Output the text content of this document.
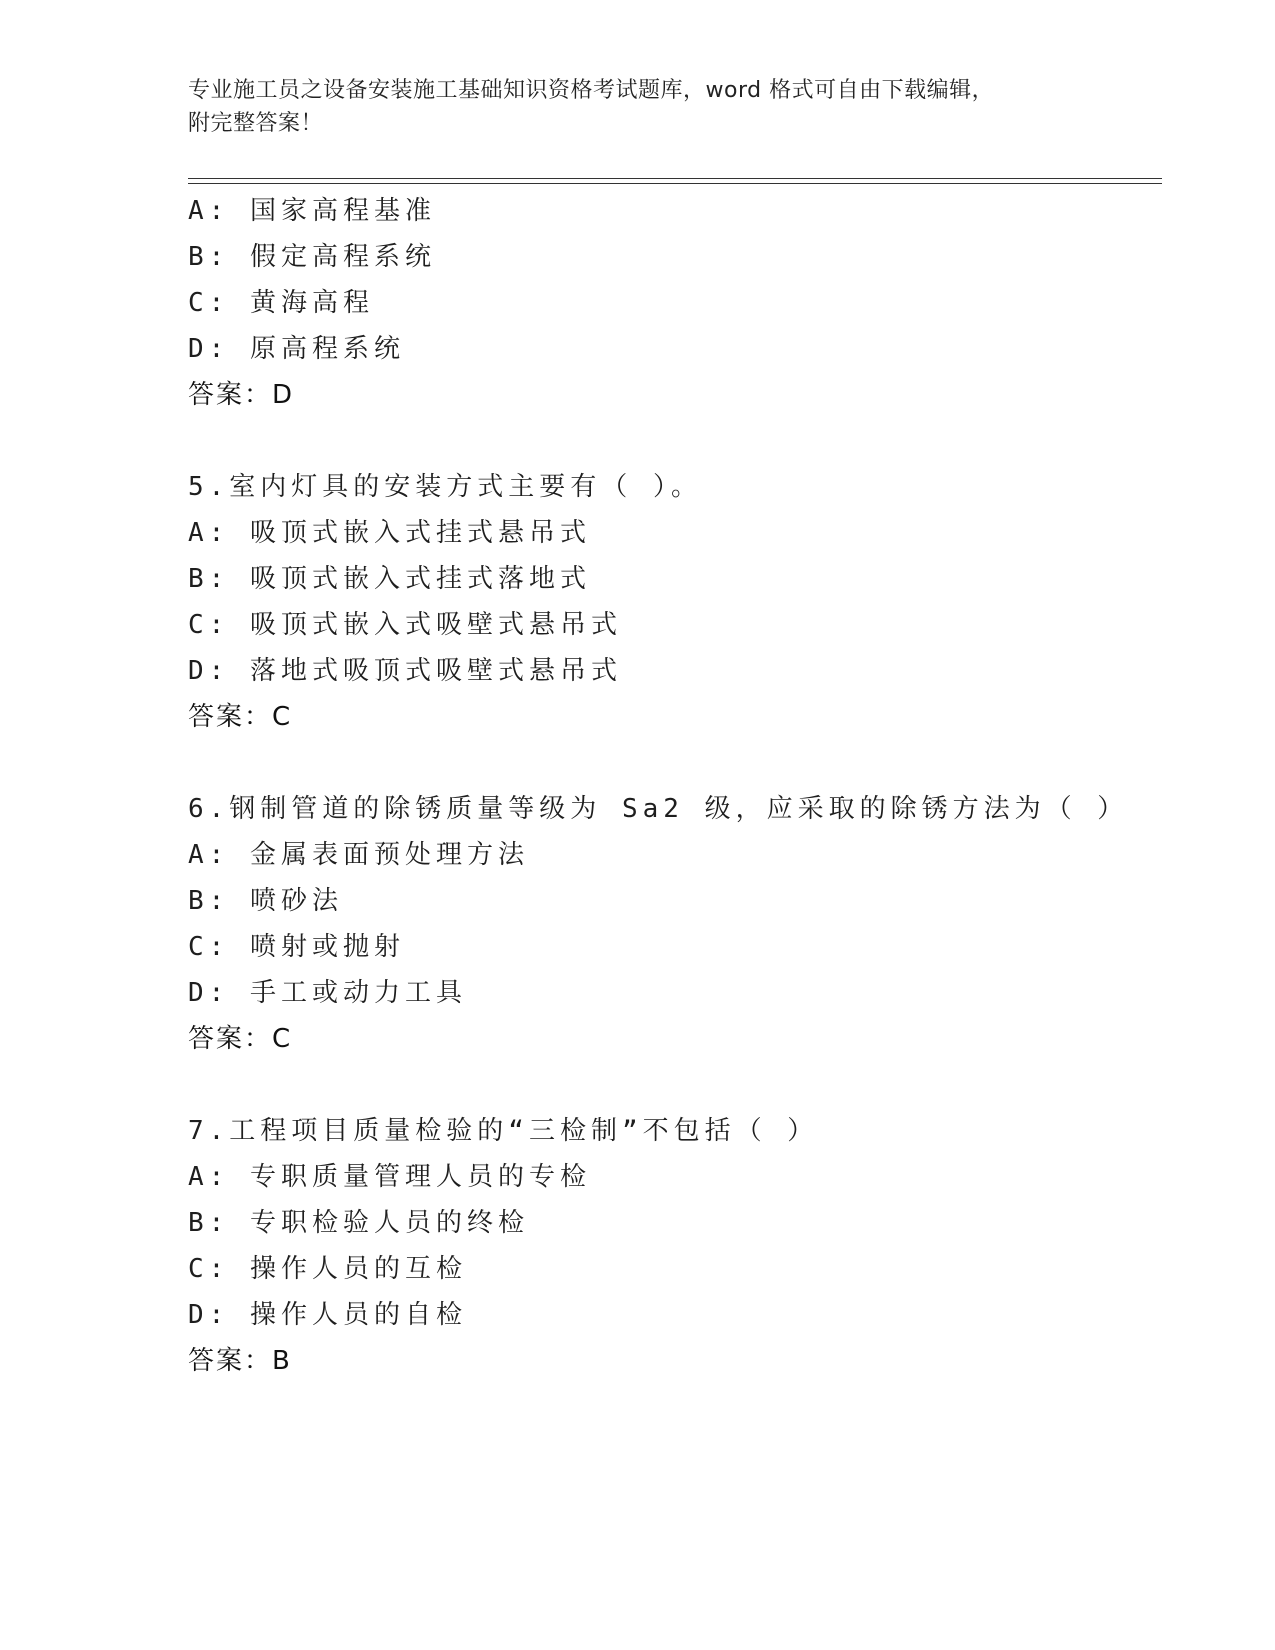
专业施工员之设备安装施工基础知识资格考试题库，word 格式可自由下载编辑，
附完整答案！
A: 国家高程基准
B: 假定高程系统
C: 黄海高程
D: 原高程系统
答案：D
5.室内灯具的安装方式主要有（ ）。
A: 吸顶式嵌入式挂式悬吊式
B: 吸顶式嵌入式挂式落地式
C: 吸顶式嵌入式吸壁式悬吊式
D: 落地式吸顶式吸壁式悬吊式
答案：C
6.钢制管道的除锈质量等级为 Sa2 级，应采取的除锈方法为（ ）
A: 金属表面预处理方法
B: 喷砂法
C: 喷射或抛射
D: 手工或动力工具
答案：C
7.工程项目质量检验的“三检制”不包括（ ）
A: 专职质量管理人员的专检
B: 专职检验人员的终检
C: 操作人员的互检
D: 操作人员的自检
答案：B
